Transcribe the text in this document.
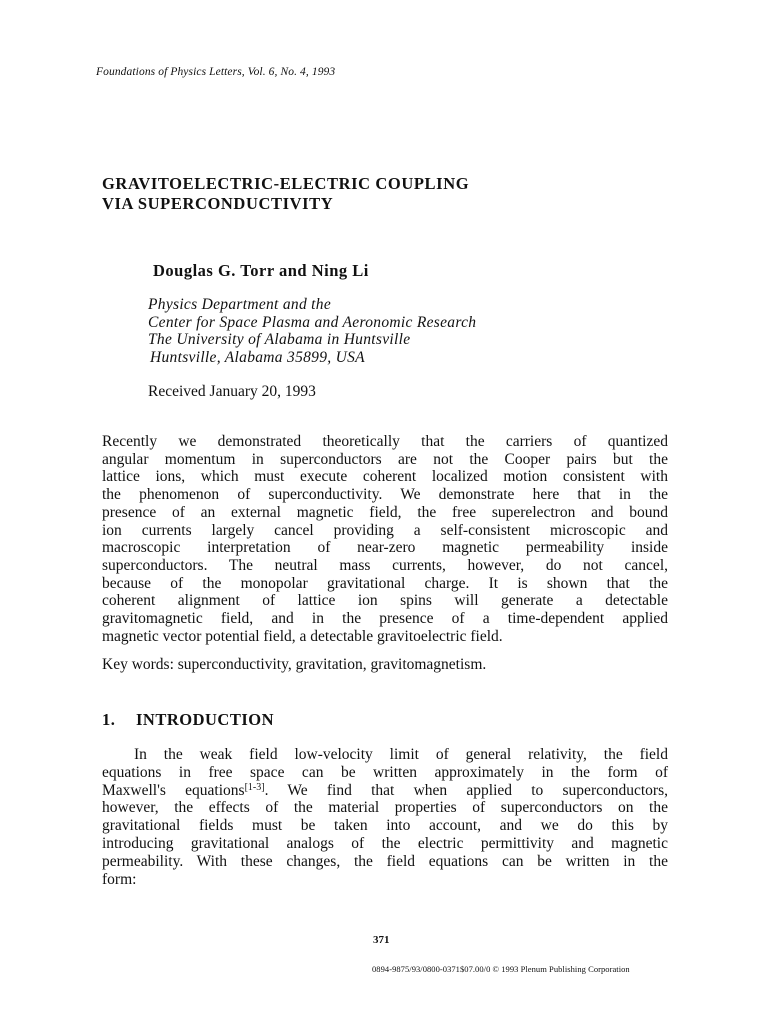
Foundations of Physics Letters, Vol. 6, No. 4, 1993
GRAVITOELECTRIC-ELECTRIC COUPLING
VIA SUPERCONDUCTIVITY
Douglas G. Torr and Ning Li
Physics Department and the
Center for Space Plasma and Aeronomic Research
The University of Alabama in Huntsville
Huntsville, Alabama 35899, USA
Received January 20, 1993
Recently we demonstrated theoretically that the carriers of quantized
angular momentum in superconductors are not the Cooper pairs but the
lattice ions, which must execute coherent localized motion consistent with
the phenomenon of superconductivity. We demonstrate here that in the
presence of an external magnetic field, the free superelectron and bound
ion currents largely cancel providing a self-consistent microscopic and
macroscopic interpretation of near-zero magnetic permeability inside
superconductors. The neutral mass currents, however, do not cancel,
because of the monopolar gravitational charge. It is shown that the
coherent alignment of lattice ion spins will generate a detectable
gravitomagnetic field, and in the presence of a time-dependent applied
magnetic vector potential field, a detectable gravitoelectric field.
Key words: superconductivity, gravitation, gravitomagnetism.
1. INTRODUCTION
In the weak field low-velocity limit of general relativity, the field
equations in free space can be written approximately in the form of
Maxwell's equations[1-3]. We find that when applied to superconductors,
however, the effects of the material properties of superconductors on the
gravitational fields must be taken into account, and we do this by
introducing gravitational analogs of the electric permittivity and magnetic
permeability. With these changes, the field equations can be written in the
form:
371
0894-9875/93/0800-0371$07.00/0 © 1993 Plenum Publishing Corporation
